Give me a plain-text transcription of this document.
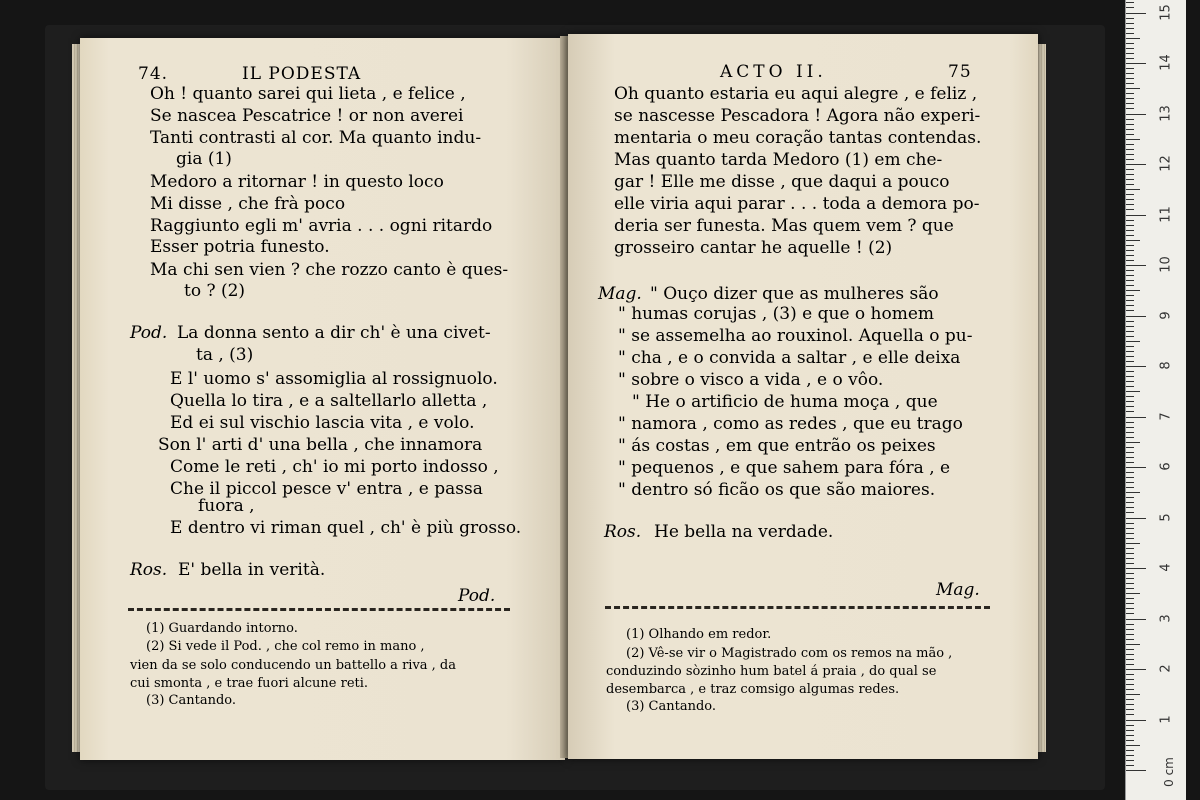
74.	IL PODESTA
Oh ! quanto sarei qui lieta , e felice ,
Se nascea Pescatrice ! or non averei
Tanti contrasti al cor. Ma quanto indu-
gia (1)
Medoro a ritornar ! in questo loco
Mi disse , che frà poco
Raggiunto egli m' avria . . . ogni ritardo
Esser potria funesto.
Ma chi sen vien ? che rozzo canto è ques-
to ? (2)
Pod. La donna sento a dir ch' è una civet-
ta , (3)
E l' uomo s' assomiglia al rossignuolo.
Quella lo tira , e a saltellarlo alletta ,
Ed ei sul vischio lascia vita , e volo.
Son l' arti d' una bella , che innamora
Come le reti , ch' io mi porto indosso ,
Che il piccol pesce v' entra , e passa
fuora ,
E dentro vi riman quel , ch' è più grosso.
Ros. E' bella in verità.
Pod.
(1) Guardando intorno.
(2) Si vede il Pod. , che col remo in mano ,
vien da se solo conducendo un battello a riva , da
cui smonta , e trae fuori alcune reti.
(3) Cantando.
ACTO II.	75
Oh quanto estaria eu aqui alegre , e feliz ,
se nascesse Pescadora ! Agora não experi-
mentaria o meu coração tantas contendas.
Mas quanto tarda Medoro (1) em che-
gar ! Elle me disse , que daqui a pouco
elle viria aqui parar . . . toda a demora po-
deria ser funesta. Mas quem vem ? que
grosseiro cantar he aquelle ! (2)
Mag. " Ouço dizer que as mulheres são
" humas corujas , (3) e que o homem
" se assemelha ao rouxinol. Aquella o pu-
" cha , e o convida a saltar , e elle deixa
" sobre o visco a vida , e o vôo.
" He o artificio de huma moça , que
" namora , como as redes , que eu trago
" ás costas , em que entrão os peixes
" pequenos , e que sahem para fóra , e
" dentro só ficão os que são maiores.
Ros. He bella na verdade.
Mag.
(1) Olhando em redor.
(2) Vê-se vir o Magistrado com os remos na mão ,
conduzindo sòzinho hum batel á praia , do qual se
desembarca , e traz comsigo algumas redes.
(3) Cantando.
0 cm
1
2
3
4
5
6
7
8
9
10
11
12
13
14
15
